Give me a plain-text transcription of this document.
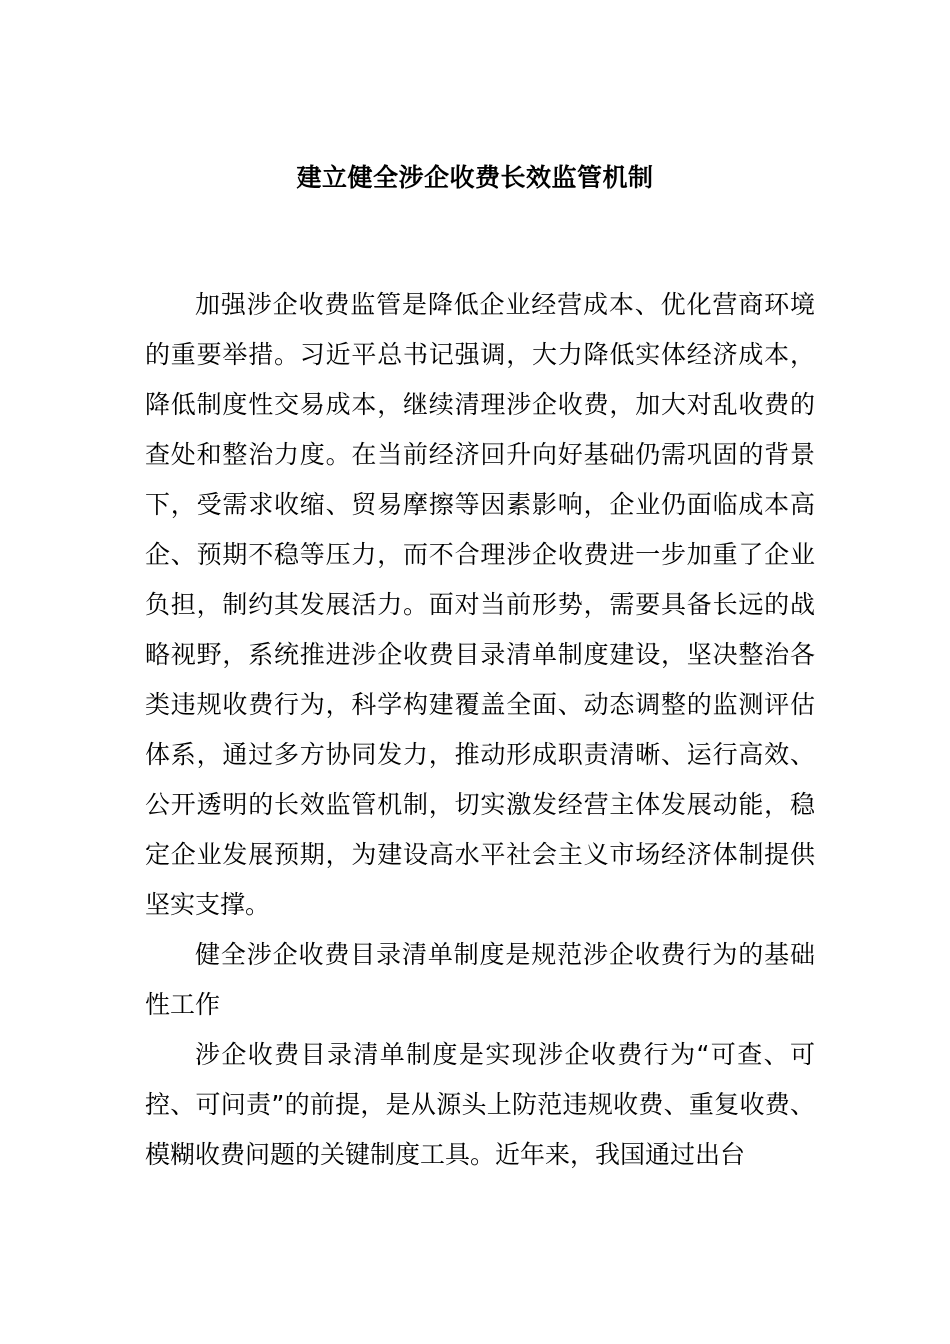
建立健全涉企收费长效监管机制

加强涉企收费监管是降低企业经营成本、优化营商环境的重要举措。习近平总书记强调，大力降低实体经济成本，降低制度性交易成本，继续清理涉企收费，加大对乱收费的查处和整治力度。在当前经济回升向好基础仍需巩固的背景下，受需求收缩、贸易摩擦等因素影响，企业仍面临成本高企、预期不稳等压力，而不合理涉企收费进一步加重了企业负担，制约其发展活力。面对当前形势，需要具备长远的战略视野，系统推进涉企收费目录清单制度建设，坚决整治各类违规收费行为，科学构建覆盖全面、动态调整的监测评估体系，通过多方协同发力，推动形成职责清晰、运行高效、公开透明的长效监管机制，切实激发经营主体发展动能，稳定企业发展预期，为建设高水平社会主义市场经济体制提供坚实支撑。

健全涉企收费目录清单制度是规范涉企收费行为的基础性工作

涉企收费目录清单制度是实现涉企收费行为“可查、可控、可问责”的前提，是从源头上防范违规收费、重复收费、模糊收费问题的关键制度工具。近年来，我国通过出台
